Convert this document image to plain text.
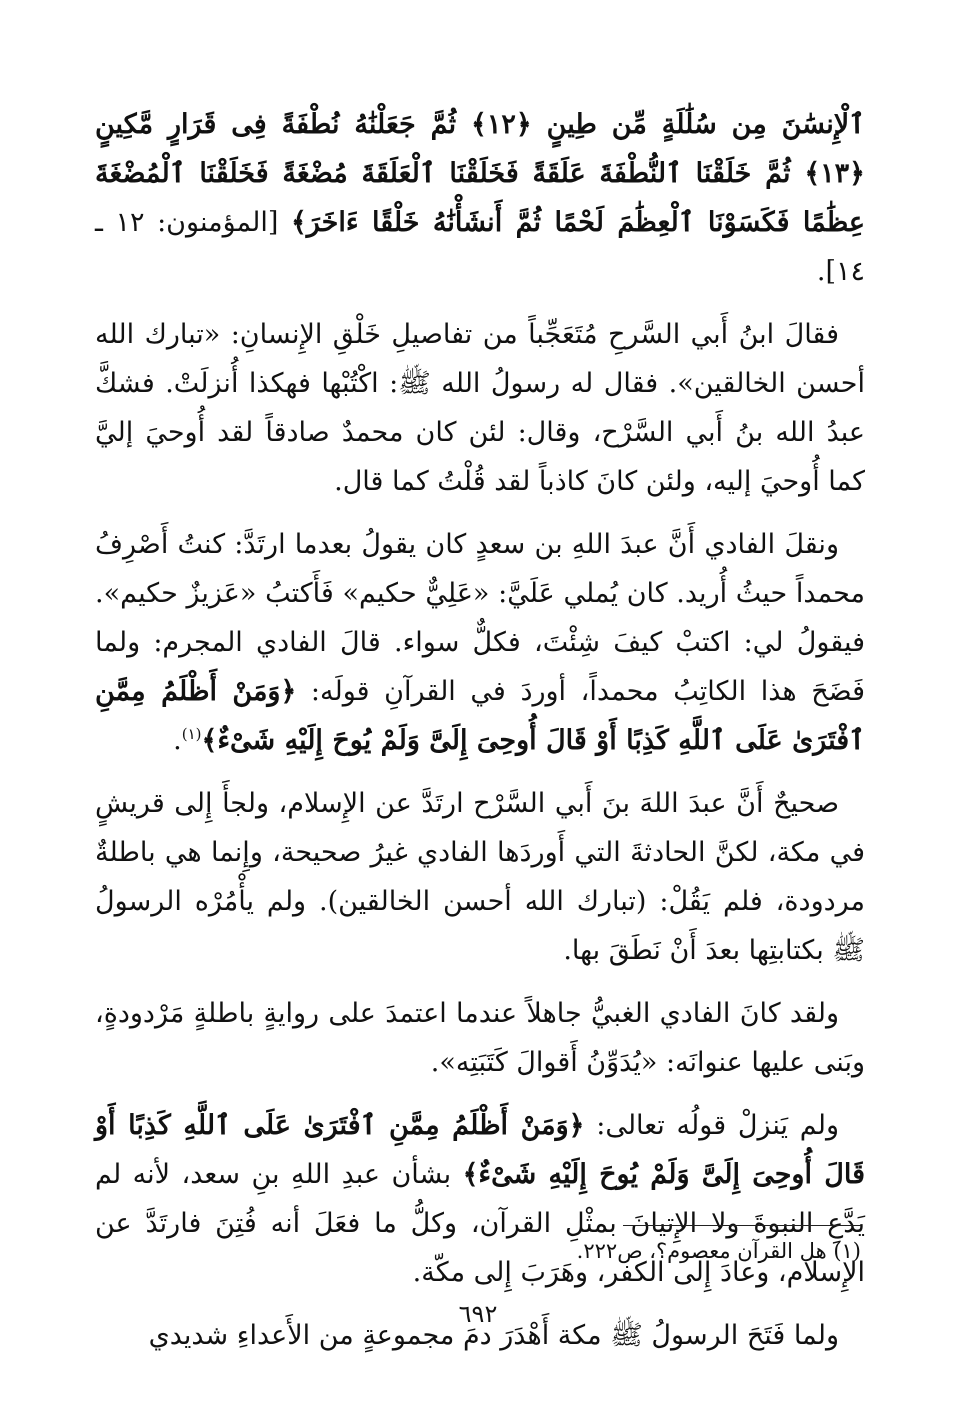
ٱلْإِنسَٰنَ مِن سُلَٰلَةٍ مِّن طِينٍ ﴿١٢﴾ ثُمَّ جَعَلْنَٰهُ نُطْفَةً فِى قَرَارٍ مَّكِينٍ ﴿١٣﴾ ثُمَّ خَلَقْنَا ٱلنُّطْفَةَ عَلَقَةً فَخَلَقْنَا ٱلْعَلَقَةَ مُضْغَةً فَخَلَقْنَا ٱلْمُضْغَةَ عِظَٰمًا فَكَسَوْنَا ٱلْعِظَٰمَ لَحْمًا ثُمَّ أَنشَأْنَٰهُ خَلْقًا ءَاخَرَ﴾ [المؤمنون: ١٢ ـ ١٤].

فقالَ ابنُ أَبي السَّرحِ مُتَعَجِّباً من تفاصيلِ خَلْقِ الإِنسانِ: «تبارك الله أحسن الخالقين». فقال له رسولُ الله ﷺ: اكْتُبْها فهكذا أُنزلَتْ. فشكَّ عبدُ الله بنُ أَبي السَّرْح، وقال: لئن كان محمدٌ صادقاً لقد أُوحيَ إليَّ كما أُوحيَ إليه، ولئن كانَ كاذباً لقد قُلْتُ كما قال.

ونقلَ الفادي أَنَّ عبدَ اللهِ بن سعدٍ كان يقولُ بعدما ارتَدَّ: كنتُ أَصْرِفُ محمداً حيثُ أُريد. كان يُملي عَلَيَّ: «عَلِيٌّ حكيم» فَأَكتبُ «عَزيزٌ حكيم». فيقولُ لي: اكتبْ كيفَ شِئْتَ، فكلٌّ سواء. قالَ الفادي المجرم: ولما فَضَحَ هذا الكاتِبُ محمداً، أوردَ في القرآنِ قولَه: ﴿وَمَنْ أَظْلَمُ مِمَّنِ ٱفْتَرَىٰ عَلَى ٱللَّهِ كَذِبًا أَوْ قَالَ أُوحِىَ إِلَىَّ وَلَمْ يُوحَ إِلَيْهِ شَىْءٌ﴾$^{(١)}$.

صحيحٌ أَنَّ عبدَ اللهَ بنَ أَبي السَّرْح ارتَدَّ عن الإِسلام، ولجأَ إِلى قريشٍ في مكة، لكنَّ الحادثةَ التي أَوردَها الفادي غيرُ صحيحة، وإِنما هي باطلةٌ مردودة، فلم يَقُلْ: (تبارك الله أحسن الخالقين). ولم يأْمُرْه الرسولُ ﷺ بكتابتِها بعدَ أَنْ نَطَقَ بها.

ولقد كانَ الفادي الغبيُّ جاهلاً عندما اعتمدَ على روايةٍ باطلةٍ مَرْدودةٍ، وبَنى عليها عنوانَه: «يُدَوِّنُ أَقوالَ كَتَبَتِه».

ولم يَنزلْ قولُه تعالى: ﴿وَمَنْ أَظْلَمُ مِمَّنِ ٱفْتَرَىٰ عَلَى ٱللَّهِ كَذِبًا أَوْ قَالَ أُوحِىَ إِلَىَّ وَلَمْ يُوحَ إِلَيْهِ شَىْءٌ﴾ بشأن عبدِ اللهِ بنِ سعد، لأنه لم يَدَّعِ النبوةَ ولا الإِتيانَ بمثْلِ القرآن، وكلُّ ما فعَلَ أنه فُتِنَ فارتَدَّ عن الإِسلام، وعادَ إِلى الكفر، وهَرَبَ إِلى مكّة.

ولما فَتَحَ الرسولُ ﷺ مكة أَهْدَرَ دمَ مجموعةٍ من الأَعداءِ شديدي

(١) هل القرآن معصوم؟، ص٢٢٢.
٦٩٢
